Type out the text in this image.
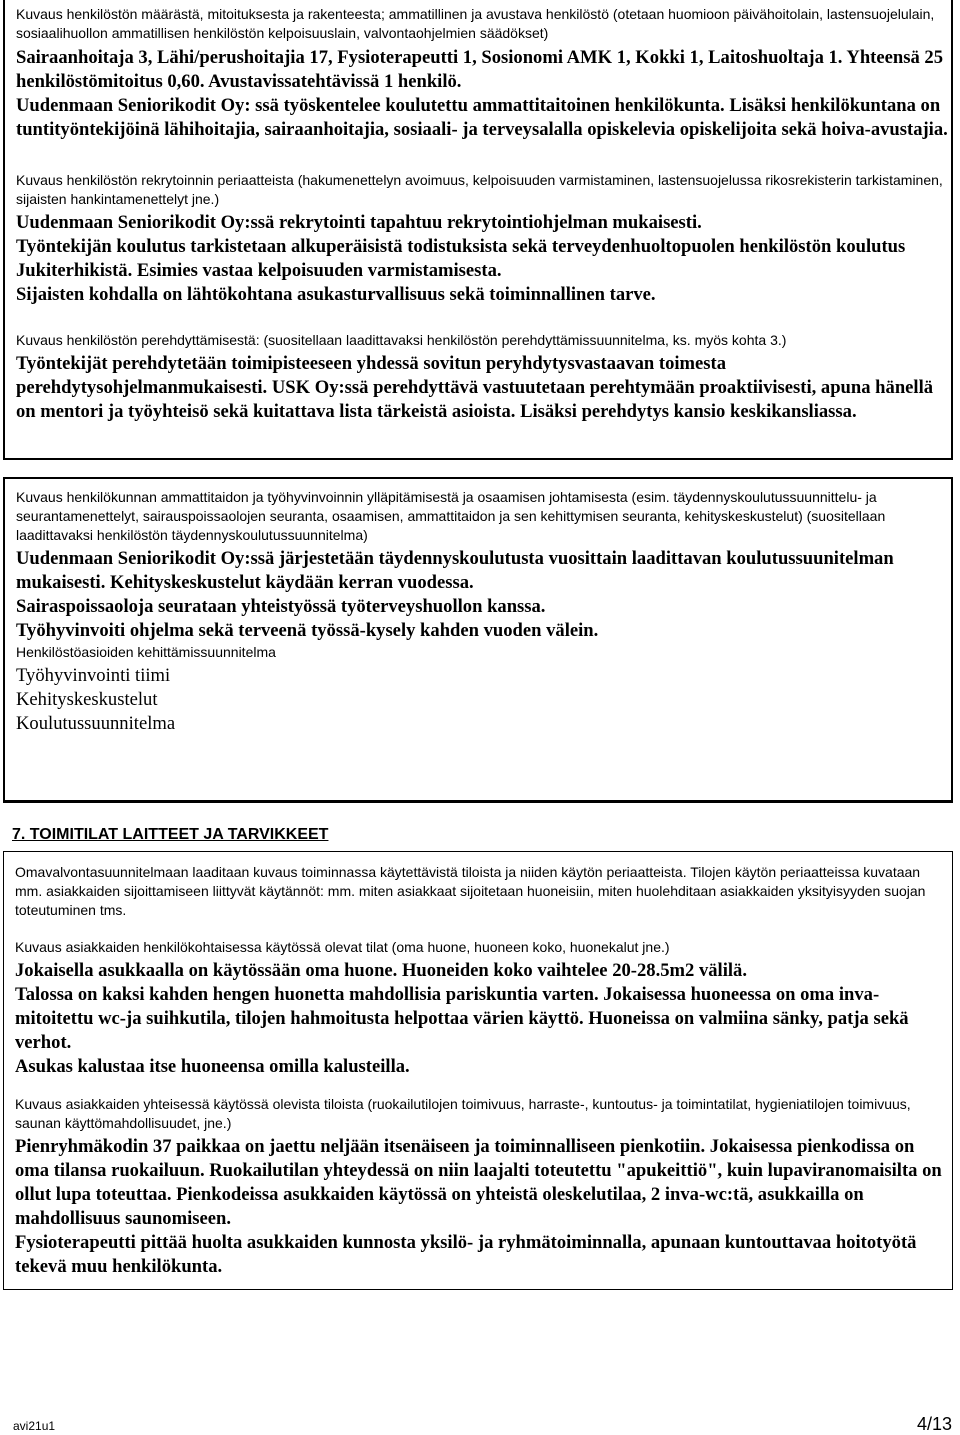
Kuvaus henkilöstön määrästä, mitoituksesta ja rakenteesta; ammatillinen ja avustava henkilöstö (otetaan huomioon päivähoitolain, lastensuojelulain, sosiaalihuollon ammatillisen henkilöstön kelpoisuuslain, valvontaohjelmien säädökset)

Sairaanhoitaja 3, Lähi/perushoitajia 17, Fysioterapeutti 1, Sosionomi AMK 1, Kokki 1, Laitoshuoltaja 1. Yhteensä 25 henkilöstömitoitus 0,60. Avustavissatehtävissä 1 henkilö.

Uudenmaan Seniorikodit Oy: ssä työskentelee koulutettu ammattitaitoinen henkilökunta. Lisäksi henkilökuntana on tuntityöntekijöinä lähihoitajia, sairaanhoitajia, sosiaali- ja terveysalalla opiskelevia opiskelijoita sekä hoiva-avustajia.

Kuvaus henkilöstön rekrytoinnin periaatteista (hakumenettelyn avoimuus, kelpoisuuden varmistaminen, lastensuojelussa rikosrekisterin tarkistaminen, sijaisten hankintamenettelyt jne.)

Uudenmaan Seniorikodit Oy:ssä rekrytointi tapahtuu rekrytointiohjelman mukaisesti.

Työntekijän koulutus tarkistetaan alkuperäisistä todistuksista sekä terveydenhuoltopuolen henkilöstön koulutus Jukiterhikistä. Esimies vastaa kelpoisuuden varmistamisesta.

Sijaisten kohdalla on lähtökohtana asukasturvallisuus sekä toiminnallinen tarve.

Kuvaus henkilöstön perehdyttämisestä: (suositellaan laadittavaksi henkilöstön perehdyttämissuunnitelma, ks. myös kohta 3.)

Työntekijät perehdytetään toimipisteeseen yhdessä sovitun peryhdytysvastaavan toimesta perehdytysohjelmanmukaisesti. USK Oy:ssä perehdyttävä vastuutetaan perehtymään proaktiivisesti, apuna hänellä on mentori ja työyhteisö sekä kuitattava lista tärkeistä asioista. Lisäksi perehdytys kansio keskikansliassa.

Kuvaus henkilökunnan ammattitaidon ja työhyvinvoinnin ylläpitämisestä ja osaamisen johtamisesta (esim. täydennyskoulutussuunnittelu- ja seurantamenettelyt, sairauspoissaolojen seuranta, osaamisen, ammattitaidon ja sen kehittymisen seuranta, kehityskeskustelut) (suositellaan laadittavaksi henkilöstön täydennyskoulutussuunnitelma)

Uudenmaan Seniorikodit Oy:ssä järjestetään täydennyskoulutusta vuosittain laadittavan koulutussuunitelman mukaisesti. Kehityskeskustelut käydään kerran vuodessa.

Sairaspoissaoloja seurataan yhteistyössä työterveyshuollon kanssa.

Työhyvinvoiti ohjelma sekä terveenä työssä-kysely kahden vuoden välein.

Henkilöstöasioiden kehittämissuunnitelma

Työhyvinvointi tiimi

Kehityskeskustelut

Koulutussuunnitelma

7. TOIMITILAT LAITTEET JA TARVIKKEET

Omavalvontasuunnitelmaan laaditaan kuvaus toiminnassa käytettävistä tiloista ja niiden käytön periaatteista. Tilojen käytön periaatteissa kuvataan mm. asiakkaiden sijoittamiseen liittyvät käytännöt: mm. miten asiakkaat sijoitetaan huoneisiin, miten huolehditaan asiakkaiden yksityisyyden suojan toteutuminen tms.

Kuvaus asiakkaiden henkilökohtaisessa käytössä olevat tilat (oma huone, huoneen koko, huonekalut jne.)

Jokaisella asukkaalla on käytössään oma huone. Huoneiden koko vaihtelee 20-28.5m2 välilä.

Talossa on kaksi kahden hengen huonetta mahdollisia pariskuntia varten. Jokaisessa huoneessa on oma inva-mitoitettu wc-ja suihkutila, tilojen hahmoitusta helpottaa värien käyttö. Huoneissa on valmiina sänky, patja sekä verhot.

Asukas kalustaa itse huoneensa omilla kalusteilla.

Kuvaus asiakkaiden yhteisessä käytössä olevista tiloista (ruokailutilojen toimivuus, harraste-, kuntoutus- ja toimintatilat, hygieniatilojen toimivuus, saunan käyttömahdollisuudet, jne.)

Pienryhmäkodin 37 paikkaa on jaettu neljään itsenäiseen ja toiminnalliseen pienkotiin. Jokaisessa pienkodissa on oma tilansa ruokailuun. Ruokailutilan yhteydessä on niin laajalti toteutettu "apukeittiö", kuin lupaviranomaisilta on ollut lupa toteuttaa. Pienkodeissa asukkaiden käytössä on yhteistä oleskelutilaa, 2 inva-wc:tä, asukkailla on mahdollisuus saunomiseen.

Fysioterapeutti pittää huolta asukkaiden kunnosta yksilö- ja ryhmätoiminnalla, apunaan kuntouttavaa hoitotyötä tekevä muu henkilökunta.

avi21u1	4/13
